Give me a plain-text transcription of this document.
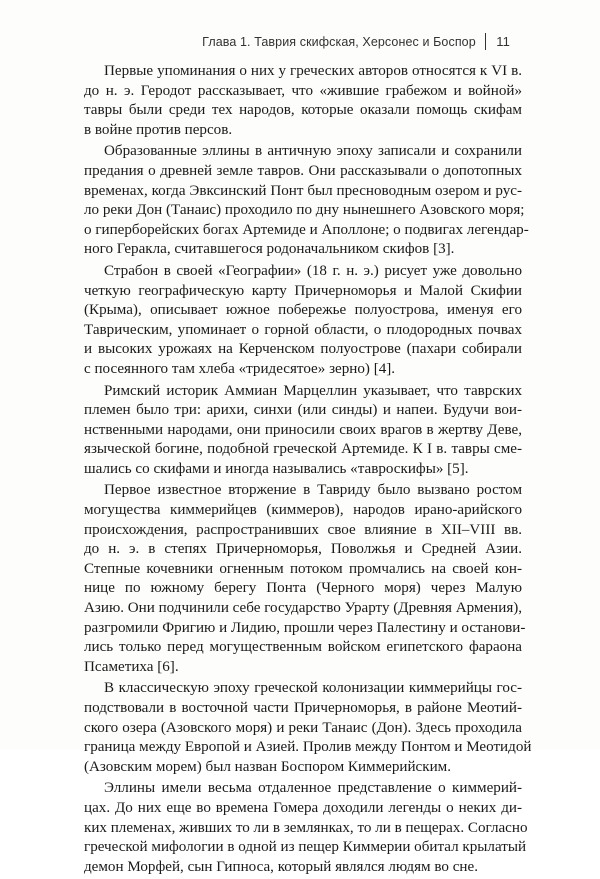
Глава 1. Таврия скифская, Херсонес и Боспор 11

Первые упоминания о них у греческих авторов относятся к VI в.
до н. э. Геродот рассказывает, что «жившие грабежом и войной»
тавры были среди тех народов, которые оказали помощь скифам
в войне против персов.

Образованные эллины в античную эпоху записали и сохранили
предания о древней земле тавров. Они рассказывали о допотопных
временах, когда Эвксинский Понт был пресноводным озером и рус-
ло реки Дон (Танаис) проходило по дну нынешнего Азовского моря;
о гиперборейских богах Артемиде и Аполлоне; о подвигах легендар-
ного Геракла, считавшегося родоначальником скифов [3].

Страбон в своей «Географии» (18 г. н. э.) рисует уже довольно
четкую географическую карту Причерноморья и Малой Скифии
(Крыма), описывает южное побережье полуострова, именуя его
Таврическим, упоминает о горной области, о плодородных почвах
и высоких урожаях на Керченском полуострове (пахари собирали
с посеянного там хлеба «тридесятое» зерно) [4].

Римский историк Аммиан Марцеллин указывает, что таврских
племен было три: арихи, синхи (или синды) и напеи. Будучи вои-
нственными народами, они приносили своих врагов в жертву Деве,
языческой богине, подобной греческой Артемиде. К I в. тавры сме-
шались со скифами и иногда назывались «тавроскифы» [5].

Первое известное вторжение в Тавриду было вызвано ростом
могущества киммерийцев (киммеров), народов ирано-арийского
происхождения, распространивших свое влияние в XII–VIII вв.
до н. э. в степях Причерноморья, Поволжья и Средней Азии.
Степные кочевники огненным потоком промчались на своей кон-
нице по южному берегу Понта (Черного моря) через Малую
Азию. Они подчинили себе государство Урарту (Древняя Армения),
разгромили Фригию и Лидию, прошли через Палестину и останови-
лись только перед могущественным войском египетского фараона
Псаметиха [6].

В классическую эпоху греческой колонизации киммерийцы гос-
подствовали в восточной части Причерноморья, в районе Меотий-
ского озера (Азовского моря) и реки Танаис (Дон). Здесь проходила
граница между Европой и Азией. Пролив между Понтом и Меотидой
(Азовским морем) был назван Боспором Киммерийским.

Эллины имели весьма отдаленное представление о киммерий-
цах. До них еще во времена Гомера доходили легенды о неких ди-
ких племенах, живших то ли в землянках, то ли в пещерах. Согласно
греческой мифологии в одной из пещер Киммерии обитал крылатый
демон Морфей, сын Гипноса, который являлся людям во сне.
